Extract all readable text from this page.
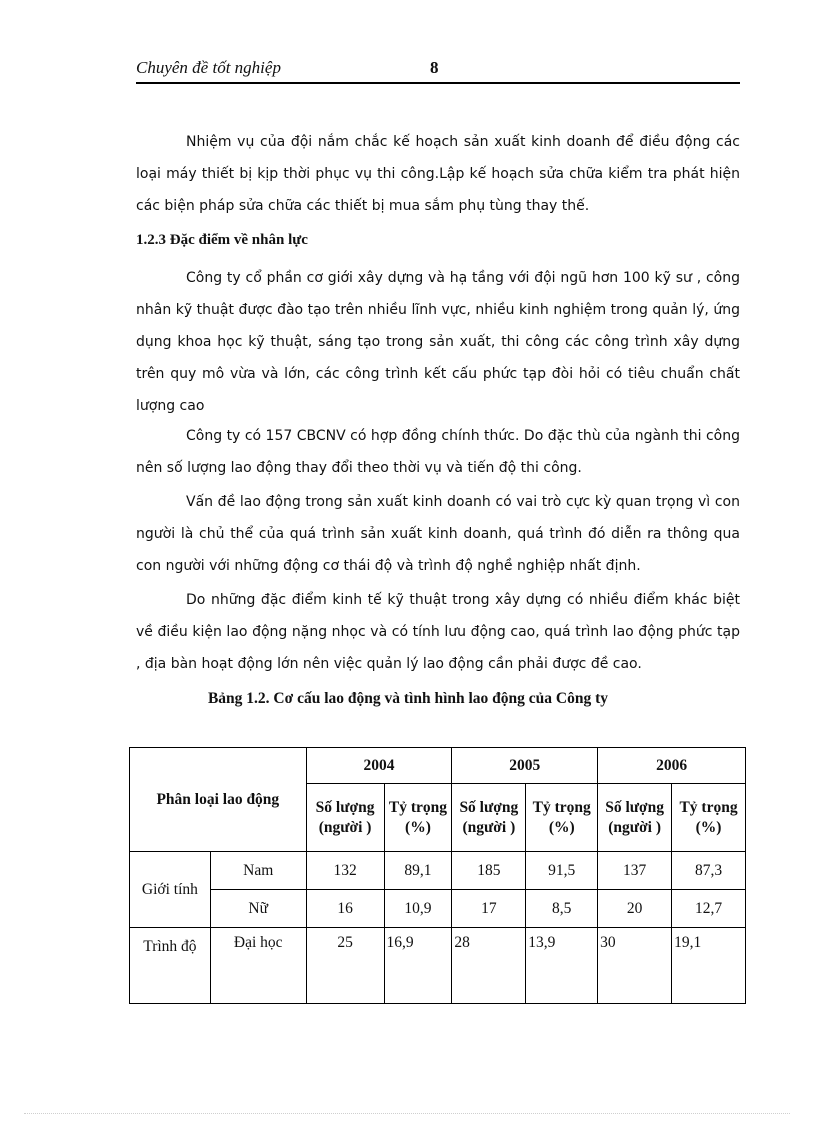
Chuyên đề tốt nghiệp	8

Nhiệm vụ của đội nắm chắc kế hoạch sản xuất kinh doanh để điều động các loại máy thiết bị kịp thời phục vụ thi công.Lập kế hoạch sửa chữa kiểm tra phát hiện các biện pháp sửa chữa các thiết bị mua sắm phụ tùng thay thế.

1.2.3 Đặc điểm về nhân lực

Công ty cổ phần cơ giới xây dựng và hạ tầng với đội ngũ hơn 100 kỹ sư , công nhân kỹ thuật được đào tạo trên nhiều lĩnh vực, nhiều kinh nghiệm trong quản lý, ứng dụng khoa học kỹ thuật, sáng tạo trong sản xuất, thi công các công trình xây dựng trên quy mô vừa và lớn, các công trình kết cấu phức tạp đòi hỏi có tiêu chuẩn chất lượng cao

Công ty có 157 CBCNV có hợp đồng chính thức. Do đặc thù của ngành thi công nên số lượng lao động thay đổi theo thời vụ và tiến độ thi công.

Vấn đề lao động trong sản xuất kinh doanh có vai trò cực kỳ quan trọng vì con người là chủ thể của quá trình sản xuất kinh doanh, quá trình đó diễn ra thông qua con người với những động cơ thái độ và trình độ nghề nghiệp nhất định.

Do những đặc điểm kinh tế kỹ thuật trong xây dựng có nhiều điểm khác biệt về điều kiện lao động nặng nhọc và có tính lưu động cao, quá trình lao động phức tạp , địa bàn hoạt động lớn nên việc quản lý lao động cần phải được đề cao.

Bảng 1.2. Cơ cấu lao động và tình hình lao động của Công ty
Phân loại lao động		2004		2005		2006	
		Số lượng (người )	Tỷ trọng (%)	Số lượng (người )	Tỷ trọng (%)	Số lượng (người )	Tỷ trọng (%)
Giới tính	Nam	132	89,1	185	91,5	137	87,3
	Nữ	16	10,9	17	8,5	20	12,7
Trình độ	Đại học	25	16,9	28	13,9	30	19,1
